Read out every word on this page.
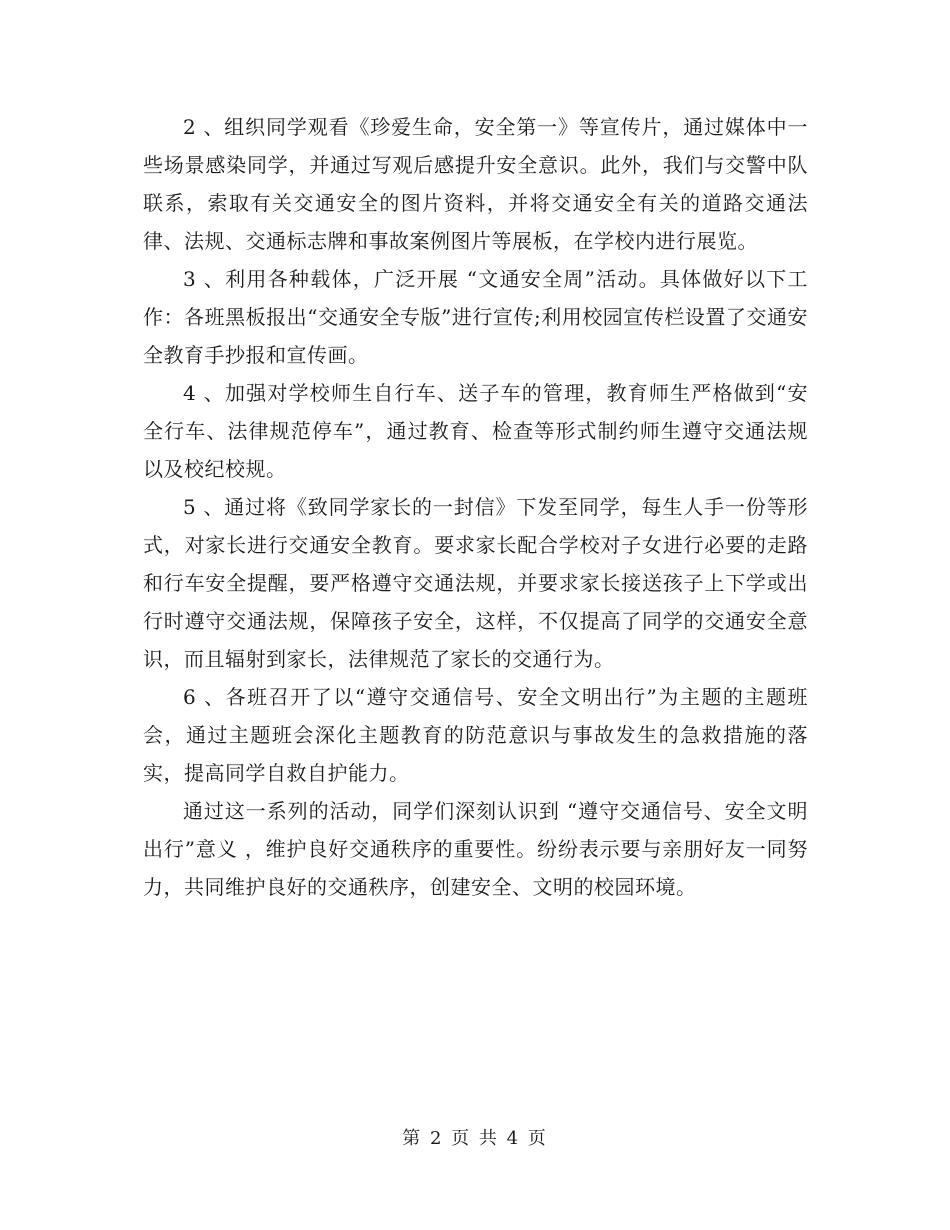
2 、组织同学观看《珍爱生命，安全第一》等宣传片，通过媒体中一些场景感染同学，并通过写观后感提升安全意识。此外，我们与交警中队联系，索取有关交通安全的图片资料，并将交通安全有关的道路交通法律、法规、交通标志牌和事故案例图片等展板，在学校内进行展览。

3 、利用各种载体，广泛开展 “文通安全周”活动。具体做好以下工作：各班黑板报出“交通安全专版”进行宣传;利用校园宣传栏设置了交通安全教育手抄报和宣传画。

4 、加强对学校师生自行车、送子车的管理，教育师生严格做到“安全行车、法律规范停车”，通过教育、检查等形式制约师生遵守交通法规以及校纪校规。

5 、通过将《致同学家长的一封信》下发至同学，每生人手一份等形式，对家长进行交通安全教育。要求家长配合学校对子女进行必要的走路和行车安全提醒，要严格遵守交通法规，并要求家长接送孩子上下学或出行时遵守交通法规，保障孩子安全，这样，不仅提高了同学的交通安全意识，而且辐射到家长，法律规范了家长的交通行为。

6 、各班召开了以“遵守交通信号、安全文明出行”为主题的主题班会，通过主题班会深化主题教育的防范意识与事故发生的急救措施的落实，提高同学自救自护能力。

通过这一系列的活动，同学们深刻认识到 “遵守交通信号、安全文明出行”意义 ，维护良好交通秩序的重要性。纷纷表示要与亲朋好友一同努力，共同维护良好的交通秩序，创建安全、文明的校园环境。

第 2 页 共 4 页
